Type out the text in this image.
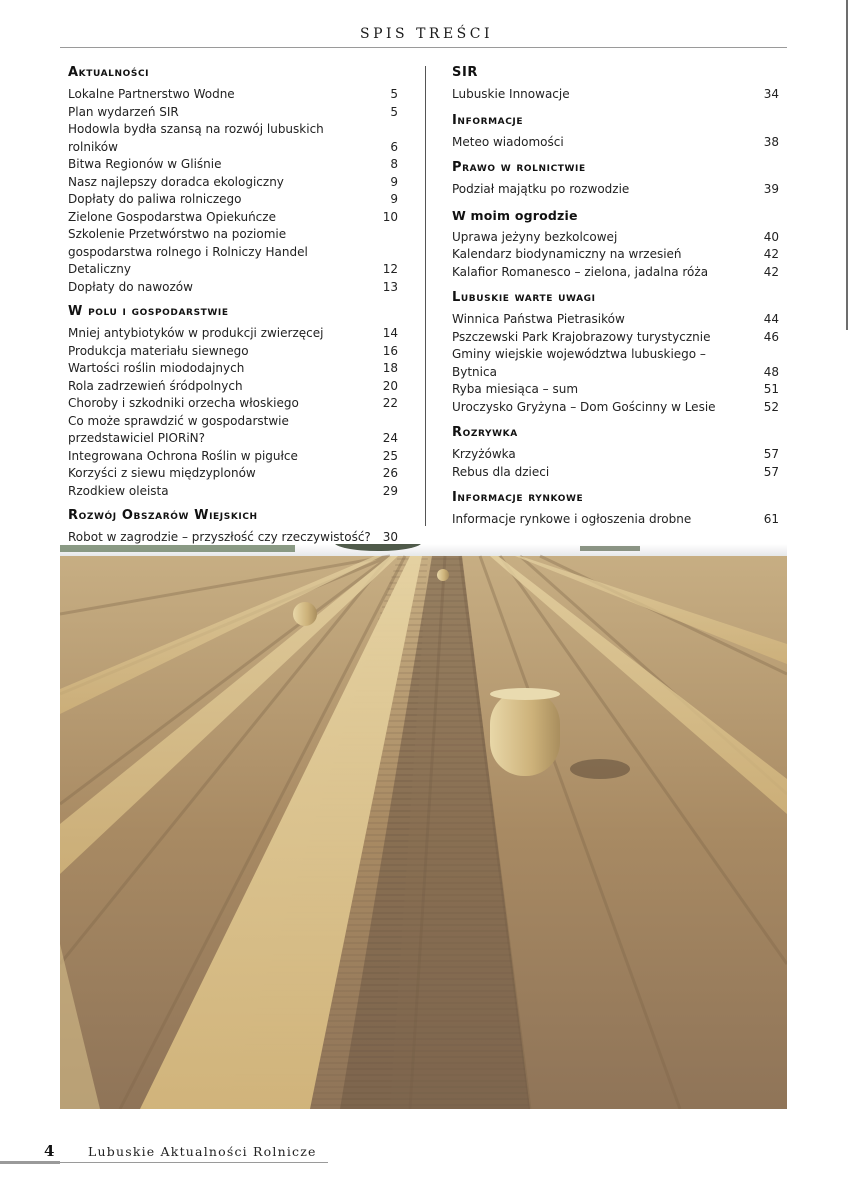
SPIS TREŚCI
Aktualności
Lokalne Partnerstwo Wodne	5
Plan wydarzeń SIR	5
Hodowla bydła szansą na rozwój lubuskich rolników	6
Bitwa Regionów w Gliśnie	8
Nasz najlepszy doradca ekologiczny	9
Dopłaty do paliwa rolniczego	9
Zielone Gospodarstwa Opiekuńcze	10
Szkolenie Przetwórstwo na poziomie gospodarstwa rolnego i Rolniczy Handel Detaliczny	12
Dopłaty do nawozów	13
W polu i gospodarstwie
Mniej antybiotyków w produkcji zwierzęcej	14
Produkcja materiału siewnego	16
Wartości roślin miododajnych	18
Rola zadrzewień śródpolnych	20
Choroby i szkodniki orzecha włoskiego	22
Co może sprawdzić w gospodarstwie przedstawiciel PIORiN?	24
Integrowana Ochrona Roślin w pigułce	25
Korzyści z siewu międzyplonów	26
Rzodkiew oleista	29
Rozwój Obszarów Wiejskich
Robot w zagrodzie – przyszłość czy rzeczywistość? 30
SIR
Lubuskie Innowacje	34
Informacje
Meteo wiadomości	38
Prawo w rolnictwie
Podział majątku po rozwodzie	39
W moim ogrodzie
Uprawa jeżyny bezkolcowej	40
Kalendarz biodynamiczny na wrzesień	42
Kalafior Romanesco – zielona, jadalna róża	42
Lubuskie warte uwagi
Winnica Państwa Pietrasików	44
Pszczewski Park Krajobrazowy turystycznie	46
Gminy wiejskie województwa lubuskiego – Bytnica	48
Ryba miesiąca – sum	51
Uroczysko Gryżyna – Dom Gościnny w Lesie	52
Rozrywka
Krzyżówka	57
Rebus dla dzieci	57
Informacje rynkowe
Informacje rynkowe i ogłoszenia drobne	61
4	Lubuskie Aktualności Rolnicze
